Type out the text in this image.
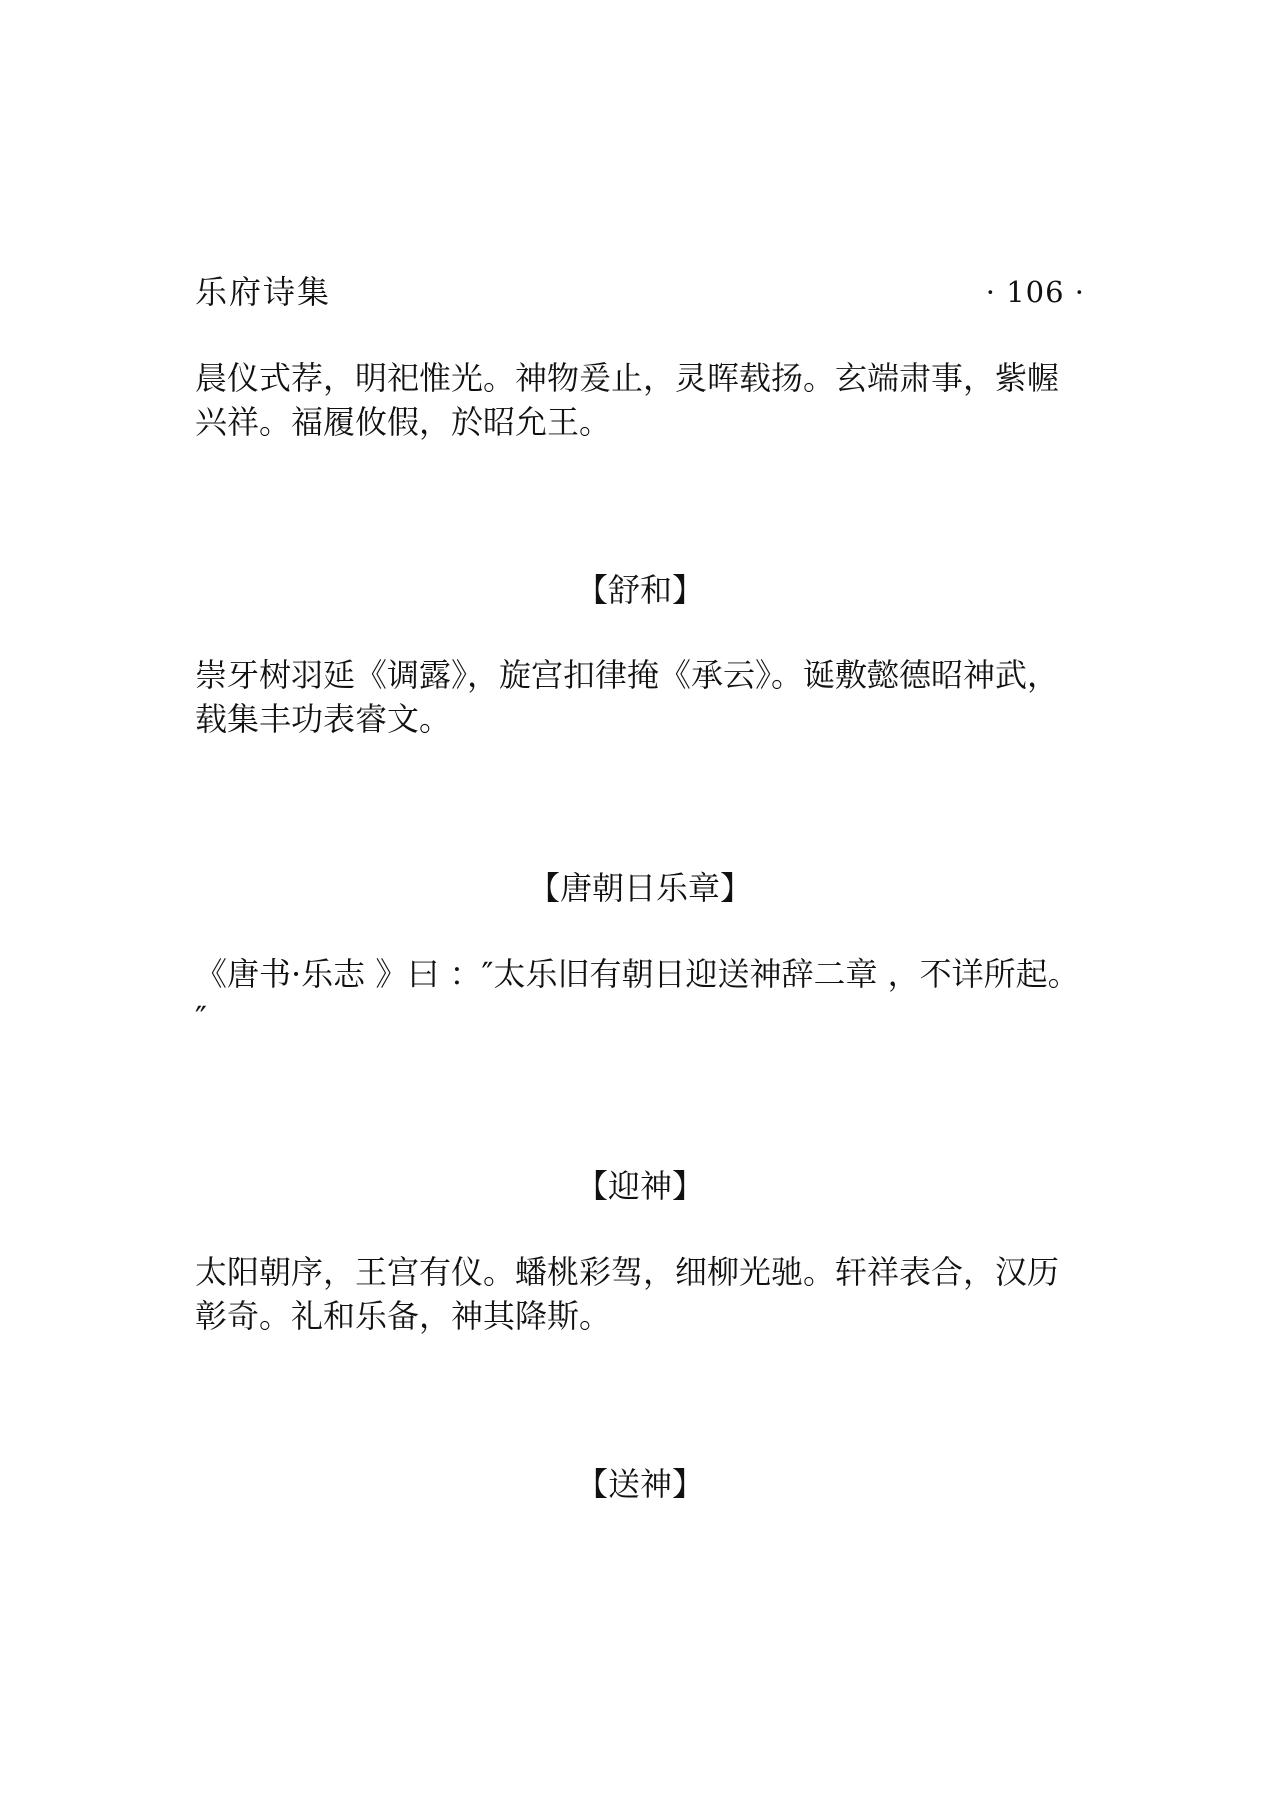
乐府诗集	· 106 ·

晨仪式荐，明祀惟光。神物爰止，灵晖载扬。玄端肃事，紫幄兴祥。福履攸假，於昭允王。

【舒和】

崇牙树羽延《调露》，旋宫扣律掩《承云》。诞敷懿德昭神武，载集丰功表睿文。

【唐朝日乐章】

《唐书·乐志 》曰 ：″太乐旧有朝日迎送神辞二章 ，不详所起。″

【迎神】

太阳朝序，王宫有仪。蟠桃彩驾，细柳光驰。轩祥表合，汉历彰奇。礼和乐备，神其降斯。

【送神】
